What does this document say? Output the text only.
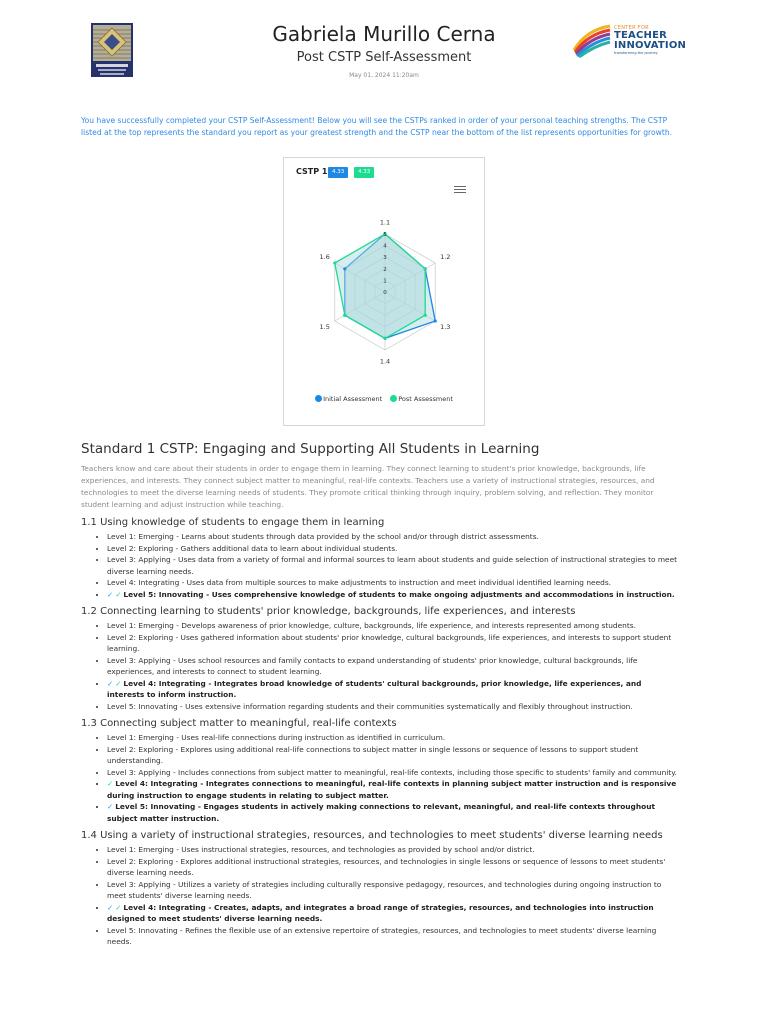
Gabriela Murillo Cerna
Post CSTP Self-Assessment
May 01, 2024 11:20am
CENTER FOR
TEACHER
INNOVATION
transforming the journey
You have successfully completed your CSTP Self-Assessment! Below you will see the CSTPs ranked in order of your personal teaching strengths. The CSTP listed at the top represents the standard you report as your greatest strength and the CSTP near the bottom of the list represents opportunities for growth.
0
1
2
3
4
5
1.1
1.2
1.3
1.4
1.5
1.6
CSTP 1 4.33	4.33
Initial Assessment Post Assessment
Standard 1 CSTP: Engaging and Supporting All Students in Learning

Teachers know and care about their students in order to engage them in learning. They connect learning to student's prior knowledge, backgrounds, life experiences, and interests. They connect subject matter to meaningful, real-life contexts. Teachers use a variety of instructional strategies, resources, and technologies to meet the diverse learning needs of students. They promote critical thinking through inquiry, problem solving, and reflection. They monitor student learning and adjust instruction while teaching.

1.1 Using knowledge of students to engage them in learning
• Level 1: Emerging - Learns about students through data provided by the school and/or through district assessments.
• Level 2: Exploring - Gathers additional data to learn about individual students.
• Level 3: Applying - Uses data from a variety of formal and informal sources to learn about students and guide selection of instructional strategies to meet diverse learning needs.
• Level 4: Integrating - Uses data from multiple sources to make adjustments to instruction and meet individual identified learning needs.
• ✓ ✓ Level 5: Innovating - Uses comprehensive knowledge of students to make ongoing adjustments and accommodations in instruction.
1.2 Connecting learning to students' prior knowledge, backgrounds, life experiences, and interests
• Level 1: Emerging - Develops awareness of prior knowledge, culture, backgrounds, life experience, and interests represented among students.
• Level 2: Exploring - Uses gathered information about students' prior knowledge, cultural backgrounds, life experiences, and interests to support student learning.
• Level 3: Applying - Uses school resources and family contacts to expand understanding of students' prior knowledge, cultural backgrounds, life experiences, and interests to connect to student learning.
• ✓ ✓ Level 4: Integrating - Integrates broad knowledge of students' cultural backgrounds, prior knowledge, life experiences, and interests to inform instruction.
• Level 5: Innovating - Uses extensive information regarding students and their communities systematically and flexibly throughout instruction.
1.3 Connecting subject matter to meaningful, real-life contexts
• Level 1: Emerging - Uses real-life connections during instruction as identified in curriculum.
• Level 2: Exploring - Explores using additional real-life connections to subject matter in single lessons or sequence of lessons to support student understanding.
• Level 3: Applying - Includes connections from subject matter to meaningful, real-life contexts, including those specific to students' family and community.
• ✓ Level 4: Integrating - Integrates connections to meaningful, real-life contexts in planning subject matter instruction and is responsive during instruction to engage students in relating to subject matter.
• ✓ Level 5: Innovating - Engages students in actively making connections to relevant, meaningful, and real-life contexts throughout subject matter instruction.
1.4 Using a variety of instructional strategies, resources, and technologies to meet students' diverse learning needs
• Level 1: Emerging - Uses instructional strategies, resources, and technologies as provided by school and/or district.
• Level 2: Exploring - Explores additional instructional strategies, resources, and technologies in single lessons or sequence of lessons to meet students' diverse learning needs.
• Level 3: Applying - Utilizes a variety of strategies including culturally responsive pedagogy, resources, and technologies during ongoing instruction to meet students' diverse learning needs.
• ✓ ✓ Level 4: Integrating - Creates, adapts, and integrates a broad range of strategies, resources, and technologies into instruction designed to meet students' diverse learning needs.
• Level 5: Innovating - Refines the flexible use of an extensive repertoire of strategies, resources, and technologies to meet students' diverse learning needs.
